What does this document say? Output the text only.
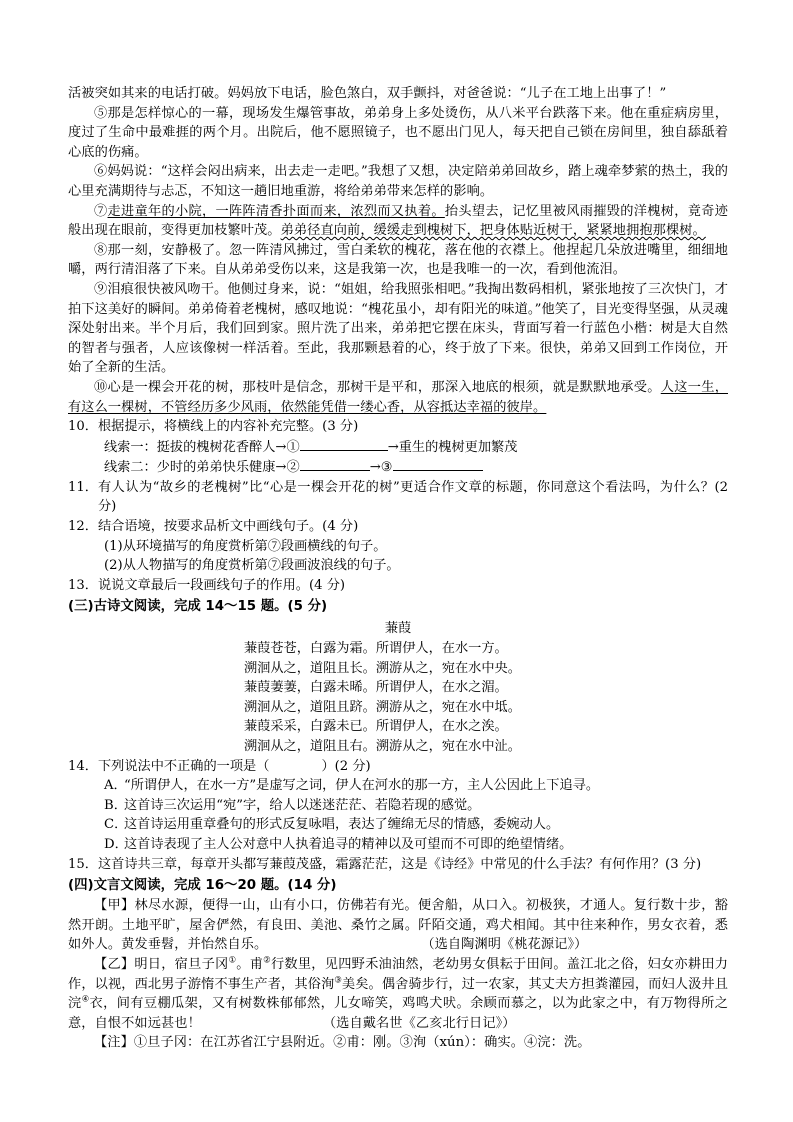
活被突如其来的电话打破。妈妈放下电话，脸色煞白，双手颤抖，对爸爸说：“儿子在工地上出事了！”

⑤那是怎样惊心的一幕，现场发生爆管事故，弟弟身上多处烫伤，从八米平台跌落下来。他在重症病房里，度过了生命中最难捱的两个月。出院后，他不愿照镜子，也不愿出门见人，每天把自己锁在房间里，独自舔舐着心底的伤痛。

⑥妈妈说：“这样会闷出病来，出去走一走吧。”我想了又想，决定陪弟弟回故乡，踏上魂牵梦萦的热土，我的心里充满期待与忐忑，不知这一趟旧地重游，将给弟弟带来怎样的影响。

⑦走进童年的小院，一阵阵清香扑面而来，浓烈而又执着。抬头望去，记忆里被风雨摧毁的洋槐树，竟奇迹般出现在眼前，变得更加枝繁叶茂。弟弟径直向前，缓缓走到槐树下，把身体贴近树干，紧紧地拥抱那棵树。

⑧那一刻，安静极了。忽一阵清风拂过，雪白柔软的槐花，落在他的衣襟上。他捏起几朵放进嘴里，细细地嚼，两行清泪落了下来。自从弟弟受伤以来，这是我第一次，也是我唯一的一次，看到他流泪。

⑨泪痕很快被风吻干。他侧过身来，说：“姐姐，给我照张相吧。”我掏出数码相机，紧张地按了三次快门，才拍下这美好的瞬间。弟弟倚着老槐树，感叹地说：“槐花虽小，却有阳光的味道。”他笑了，目光变得坚强，从灵魂深处射出来。半个月后，我们回到家。照片洗了出来，弟弟把它摆在床头，背面写着一行蓝色小楷：树是大自然的智者与强者，人应该像树一样活着。至此，我那颗悬着的心，终于放了下来。很快，弟弟又回到工作岗位，开始了全新的生活。

⑩心是一棵会开花的树，那枝叶是信念，那树干是平和，那深入地底的根须，就是默默地承受。人这一生，有这么一棵树，不管经历多少风雨，依然能凭借一缕心香，从容抵达幸福的彼岸。

10． 根据提示，将横线上的内容补充完整。(3 分)
线索一：挺拔的槐树花香醉人→①	→重生的槐树更加繁茂
线索二：少时的弟弟快乐健康→②	→③
11． 有人认为“故乡的老槐树”比“心是一棵会开花的树”更适合作文章的标题，你同意这个看法吗，为什么？(2 分)
12． 结合语境，按要求品析文中画线句子。(4 分)
(1)从环境描写的角度赏析第⑦段画横线的句子。
(2)从人物描写的角度赏析第⑦段画波浪线的句子。
13． 说说文章最后一段画线句子的作用。(4 分)
(三)古诗文阅读，完成 14～15 题。(5 分)
蒹葭
蒹葭苍苍，白露为霜。所谓伊人，在水一方。
溯洄从之，道阻且长。溯游从之，宛在水中央。
蒹葭萋萋，白露未晞。所谓伊人，在水之湄。
溯洄从之，道阻且跻。溯游从之，宛在水中坻。
蒹葭采采，白露未已。所谓伊人，在水之涘。
溯洄从之，道阻且右。溯游从之，宛在水中沚。
14． 下列说法中不正确的一项是（	）(2 分)
A．“所谓伊人，在水一方”是虚写之词，伊人在河水的那一方，主人公因此上下追寻。
B．这首诗三次运用“宛”字，给人以迷迷茫茫、若隐若现的感觉。
C．这首诗运用重章叠句的形式反复咏唱，表达了缠绵无尽的情感，委婉动人。
D．这首诗表现了主人公对意中人执着追寻的精神以及可望而不可即的绝望情绪。
15． 这首诗共三章，每章开头都写蒹葭茂盛，霜露茫茫，这是《诗经》中常见的什么手法？有何作用？(3 分)
(四)文言文阅读，完成 16～20 题。(14 分)

【甲】林尽水源，便得一山，山有小口，仿佛若有光。便舍船，从口入。初极狭，才通人。复行数十步，豁然开朗。土地平旷，屋舍俨然，有良田、美池、桑竹之属。阡陌交通，鸡犬相闻。其中往来种作，男女衣着，悉如外人。黄发垂髫，并怡然自乐。	（选自陶渊明《桃花源记》）

【乙】明日，宿旦子冈①。甫②行数里，见四野禾油油然，老幼男女俱耘于田间。盖江北之俗，妇女亦耕田力作，以视，西北男子游惰不事生产者，其俗洵③美矣。偶舍骑步行，过一农家，其丈夫方担粪灌园，而妇人汲井且浣④衣，间有豆棚瓜架，又有树数株郁郁然，儿女啼笑，鸡鸣犬吠。余顾而慕之，以为此家之中，有万物得所之意，自恨不如远甚也！	（选自戴名世《乙亥北行日记》）

【注】①旦子冈：在江苏省江宁县附近。②甫：刚。③洵（xún）：确实。④浣：洗。
